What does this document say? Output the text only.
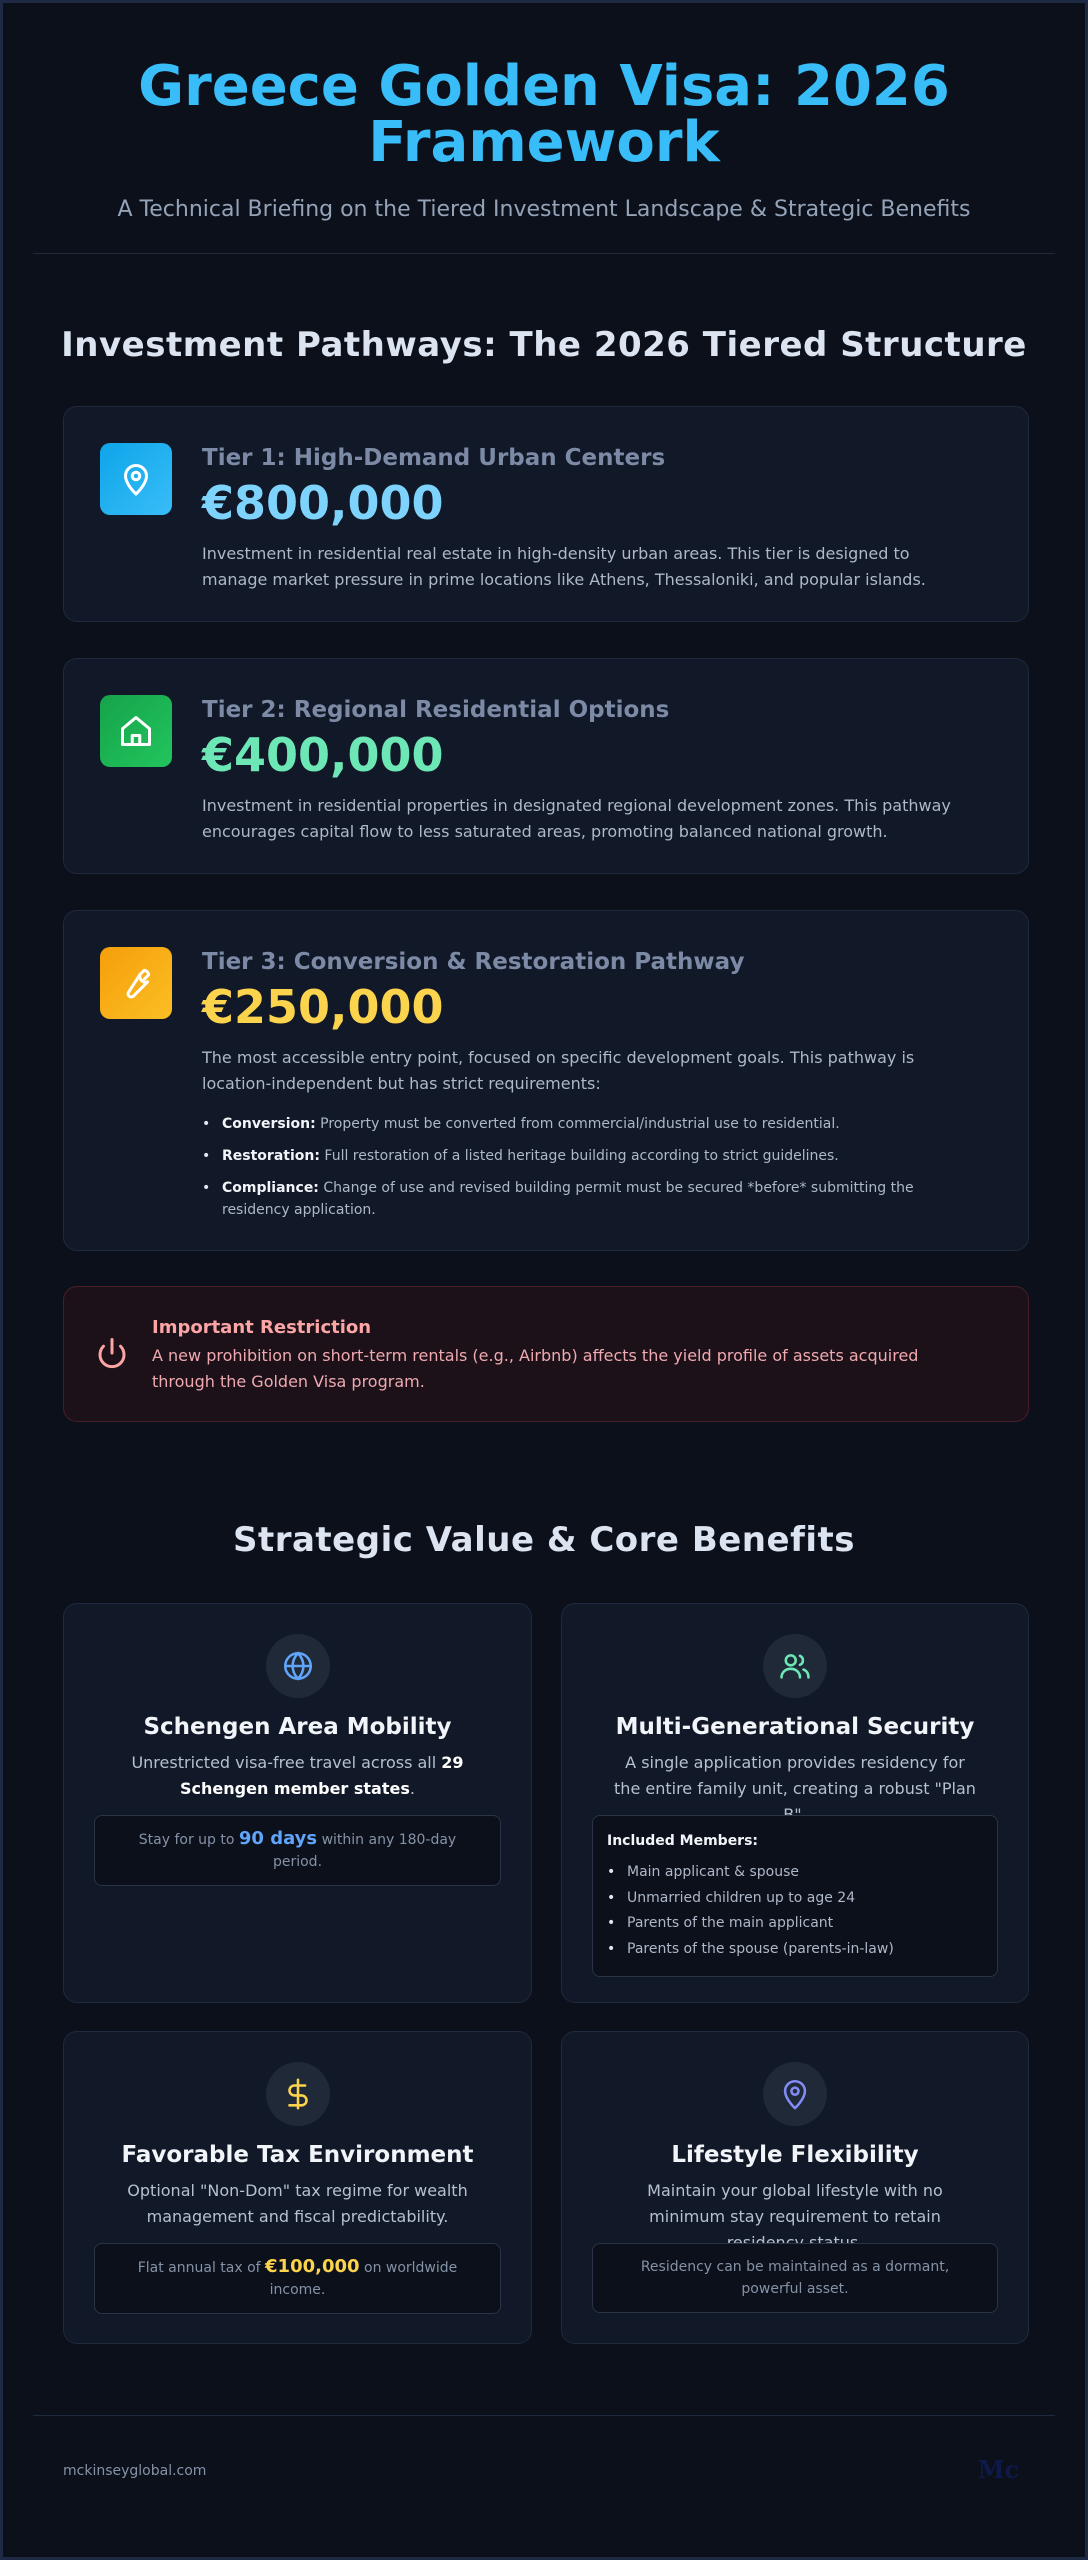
Greece Golden Visa: 2026 Framework
A Technical Briefing on the Tiered Investment Landscape & Strategic Benefits
Investment Pathways: The 2026 Tiered Structure
Tier 1: High-Demand Urban Centers
€800,000
Investment in residential real estate in high-density urban areas. This tier is designed to manage market pressure in prime locations like Athens, Thessaloniki, and popular islands.
Tier 2: Regional Residential Options
€400,000
Investment in residential properties in designated regional development zones. This pathway encourages capital flow to less saturated areas, promoting balanced national growth.
Tier 3: Conversion & Restoration Pathway
€250,000
The most accessible entry point, focused on specific development goals. This pathway is location-independent but has strict requirements:
• Conversion: Property must be converted from commercial/industrial use to residential.
• Restoration: Full restoration of a listed heritage building according to strict guidelines.
• Compliance: Change of use and revised building permit must be secured *before* submitting the residency application.
Important Restriction
A new prohibition on short-term rentals (e.g., Airbnb) affects the yield profile of assets acquired through the Golden Visa program.
Strategic Value & Core Benefits
Schengen Area Mobility
Unrestricted visa-free travel across all 29 Schengen member states.
Stay for up to 90 days within any 180-day period.
Multi-Generational Security
A single application provides residency for the entire family unit, creating a robust "Plan
Included Members:
• Main applicant & spouse
• Unmarried children up to age 24
• Parents of the main applicant
• Parents of the spouse (parents-in-law)
Favorable Tax Environment
Optional "Non-Dom" tax regime for wealth management and fiscal predictability.
Flat annual tax of €100,000 on worldwide income.
Lifestyle Flexibility
Maintain your global lifestyle with no minimum stay requirement to retain
Residency can be maintained as a dormant, powerful asset.
mckinseyglobal.com	Mc
